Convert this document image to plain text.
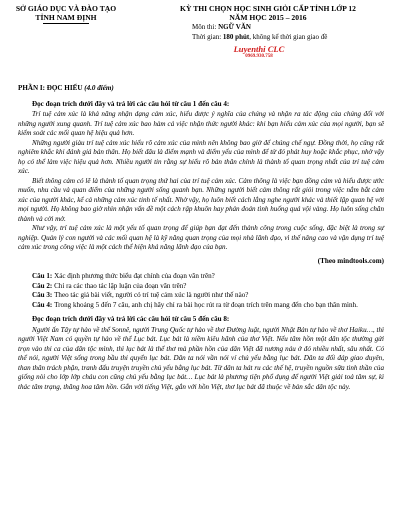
SỞ GIÁO DỤC VÀ ĐÀO TẠO
TỈNH NAM ĐỊNH
KỲ THI CHỌN HỌC SINH GIỎI CẤP TỈNH LỚP 12
NĂM HỌC 2015 – 2016
Môn thi: NGỮ VĂN
Thời gian: 180 phút, không kể thời gian giao đề
Luyenthi CLC
0969.930.758
PHẦN I: ĐỌC HIỂU (4.0 điểm)
Đọc đoạn trích dưới đây và trả lời các câu hỏi từ câu 1 đến câu 4:

Trí tuệ cảm xúc là khả năng nhận dạng cảm xúc, hiểu được ý nghĩa của chúng và nhận ra tác động của chúng đối với những người xung quanh. Trí tuệ cảm xúc bao hàm cả việc nhận thức người khác: khi bạn hiểu cảm xúc của mọi người, bạn sẽ kiểm soát các mối quan hệ hiệu quả hơn.

Những người giàu trí tuệ cảm xúc hiểu rõ cảm xúc của mình nên không bao giờ để chúng chế ngự. Đồng thời, họ cũng rất nghiêm khắc khi đánh giá bản thân. Họ biết đâu là điểm mạnh và điểm yếu của mình để từ đó phát huy hoặc khắc phục, nhờ vậy họ có thể làm việc hiệu quả hơn. Nhiều người tin rằng sự hiểu rõ bản thân chính là thành tố quan trọng nhất của trí tuệ cảm xúc.

Biết thông cảm có lẽ là thành tố quan trọng thứ hai của trí tuệ cảm xúc. Cảm thông là việc bạn đồng cảm và hiểu được ước muốn, nhu cầu và quan điểm của những người sống quanh bạn. Những người biết cảm thông rất giỏi trong việc nắm bắt cảm xúc của người khác, kể cả những cảm xúc tinh tế nhất. Nhờ vậy, họ luôn biết cách lắng nghe người khác và thiết lập quan hệ với mọi người. Họ không bao giờ nhìn nhận vấn đề một cách rập khuôn hay phán đoán tình huống quá vội vàng. Họ luôn sống chân thành và cởi mở.

Như vậy, trí tuệ cảm xúc là một yếu tố quan trọng để giúp bạn đạt đến thành công trong cuộc sống, đặc biệt là trong sự nghiệp. Quản lý con người và các mối quan hệ là kỹ năng quan trọng của mọi nhà lãnh đạo, vì thế nâng cao và vận dụng trí tuệ cảm xúc trong công việc là một cách thể hiện khả năng lãnh đạo của bạn.

(Theo mindtools.com)

Câu 1: Xác định phương thức biểu đạt chính của đoạn văn trên?

Câu 2: Chỉ ra các thao tác lập luận của đoạn văn trên?

Câu 3: Theo tác giả bài viết, người có trí tuệ cảm xúc là người như thế nào?

Câu 4: Trong khoảng 5 đến 7 câu, anh chị hãy chỉ ra bài học rút ra từ đoạn trích trên mang đến cho bạn thân mình.

Đọc đoạn trích dưới đây và trả lời các câu hỏi từ câu 5 đến câu 8:

Người ấn Tây tự hào về thể Sonnê, người Trung Quốc tự hào về thơ Đường luật, người Nhật Bản tự hào về thơ Haiku…, thì người Việt Nam có quyền tự hào về thể Lục bát. Lục bát là niềm kiêu hãnh của thơ Việt. Nếu tâm hồn một dân tộc thường gửi trọn vào thi ca của dân tộc mình, thì lục bát là thể thơ mà phần hồn của dân Việt đã nương náu ở đó nhiều nhất, sâu nhất. Có thể nói, người Việt sống trong bầu thi quyển lục bát. Dân ta nói vần nói ví chủ yếu bằng lục bát. Dân ta đối đáp giao duyên, than thân trách phận, tranh đấu truyện truyền chủ yếu bằng lục bát. Từ dân ta hát ru các thế hệ, truyền nguồn sữa tinh thần của giống nòi cho lớp lớp cháu con cũng chủ yếu bằng lục bát… Lục bát là phương tiện phổ dụng để người Việt giải toả tâm sự, kì thác tâm trạng, thăng hoa tâm hồn. Gắn với tiếng Việt, gắn với hồn Việt, thơ lục bát đã thuộc về bản sắc dân tộc này.
